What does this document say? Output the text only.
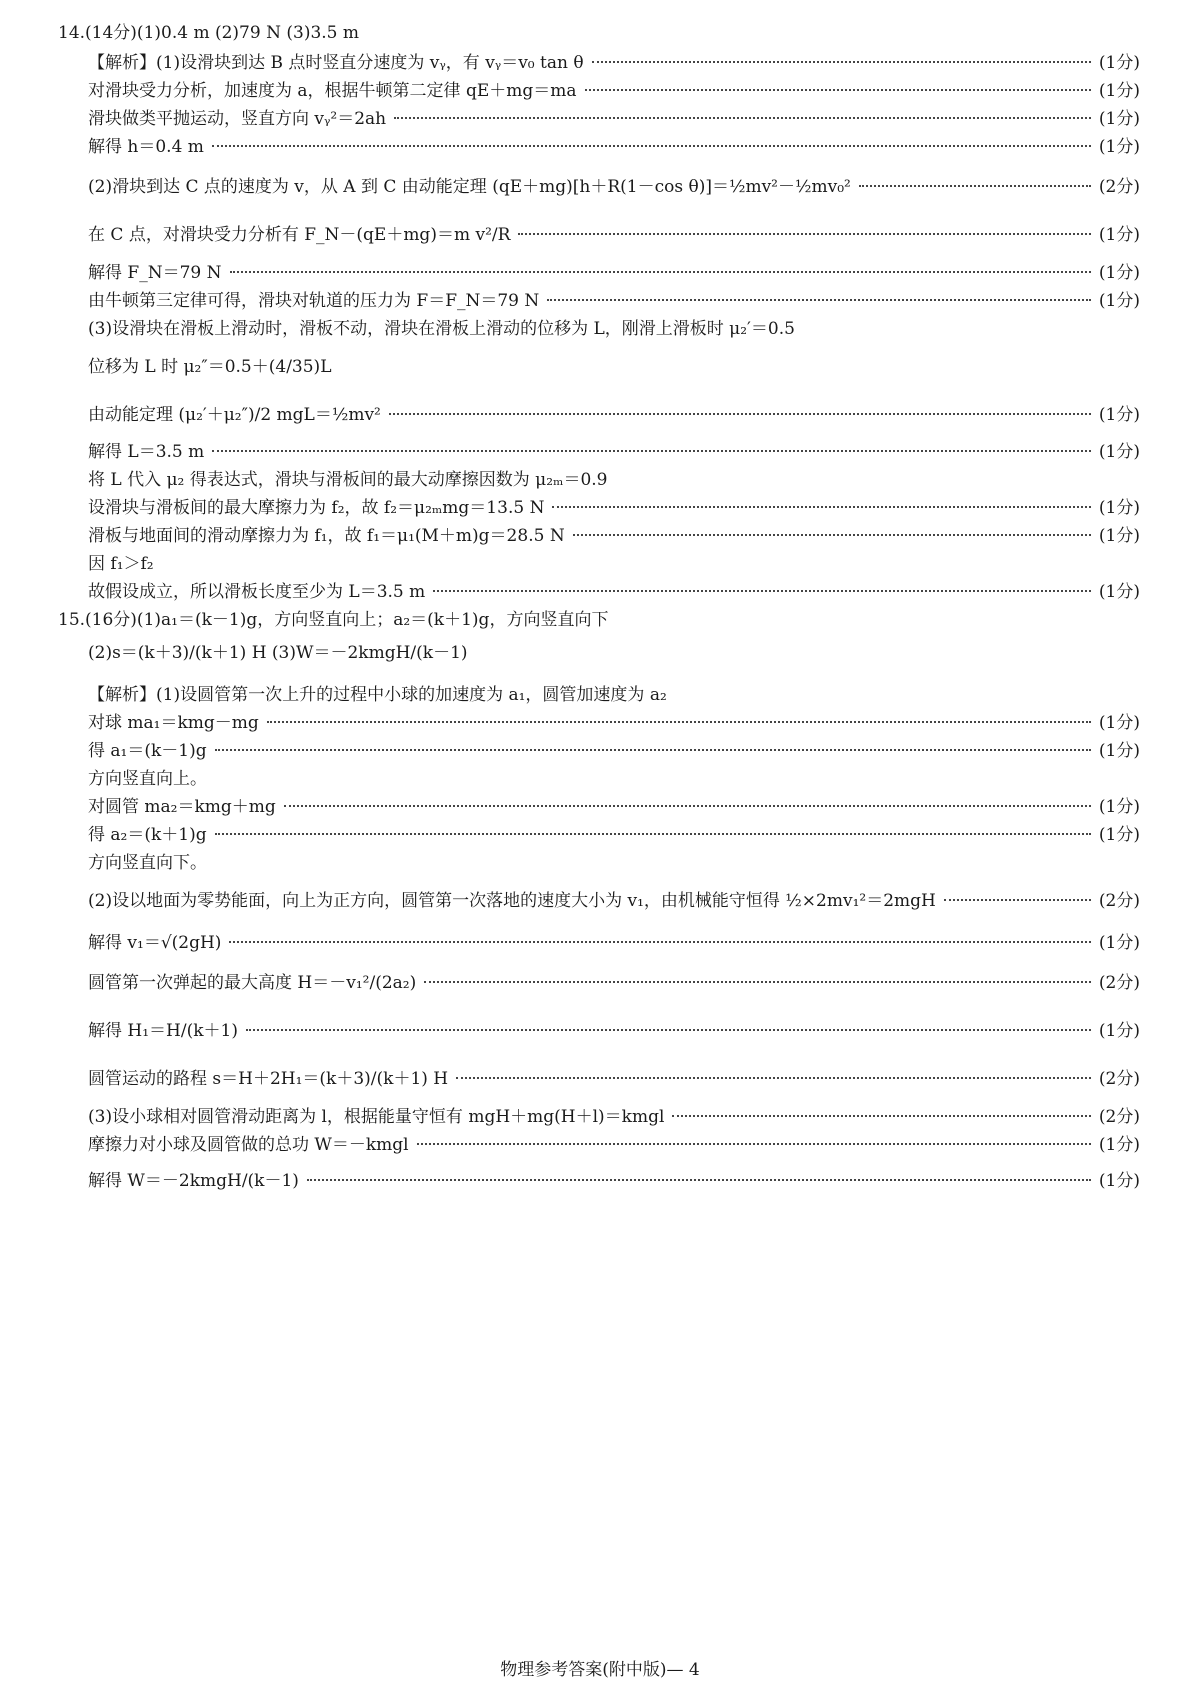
14.(14分)(1)0.4 m (2)79 N (3)3.5 m
【解析】(1)设滑块到达 B 点时竖直分速度为 vᵧ，有 vᵧ＝v₀ tan θ	(1分)
对滑块受力分析，加速度为 a，根据牛顿第二定律 qE＋mg＝ma	(1分)
滑块做类平抛运动，竖直方向 vᵧ²＝2ah	(1分)
解得 h＝0.4 m	(1分)
(2)滑块到达 C 点的速度为 v，从 A 到 C 由动能定理 (qE＋mg)[h＋R(1－cos θ)]＝½mv²－½mv₀²	(2分)
在 C 点，对滑块受力分析有 F_N－(qE＋mg)＝m v²/R	(1分)
解得 F_N＝79 N	(1分)
由牛顿第三定律可得，滑块对轨道的压力为 F＝F_N＝79 N	(1分)
(3)设滑块在滑板上滑动时，滑板不动，滑块在滑板上滑动的位移为 L，刚滑上滑板时 μ₂′＝0.5
位移为 L 时 μ₂″＝0.5＋(4/35)L
由动能定理 (μ₂′＋μ₂″)/2 mgL＝½mv²	(1分)
解得 L＝3.5 m	(1分)
将 L 代入 μ₂ 得表达式，滑块与滑板间的最大动摩擦因数为 μ₂ₘ＝0.9
设滑块与滑板间的最大摩擦力为 f₂，故 f₂＝μ₂ₘmg＝13.5 N	(1分)
滑板与地面间的滑动摩擦力为 f₁，故 f₁＝μ₁(M＋m)g＝28.5 N	(1分)
因 f₁＞f₂
故假设成立，所以滑板长度至少为 L＝3.5 m	(1分)
15.(16分)(1)a₁＝(k－1)g，方向竖直向上；a₂＝(k＋1)g，方向竖直向下
(2)s＝(k＋3)/(k＋1) H (3)W＝－2kmgH/(k－1)
【解析】(1)设圆管第一次上升的过程中小球的加速度为 a₁，圆管加速度为 a₂
对球 ma₁＝kmg－mg	(1分)
得 a₁＝(k－1)g	(1分)
方向竖直向上。
对圆管 ma₂＝kmg＋mg	(1分)
得 a₂＝(k＋1)g	(1分)
方向竖直向下。
(2)设以地面为零势能面，向上为正方向，圆管第一次落地的速度大小为 v₁，由机械能守恒得 ½×2mv₁²＝2mgH	(2分)
解得 v₁＝√(2gH)	(1分)
圆管第一次弹起的最大高度 H＝－v₁²/(2a₂)	(2分)
解得 H₁＝H/(k＋1)	(1分)
圆管运动的路程 s＝H＋2H₁＝(k＋3)/(k＋1) H	(2分)
(3)设小球相对圆管滑动距离为 l，根据能量守恒有 mgH＋mg(H＋l)＝kmgl	(2分)
摩擦力对小球及圆管做的总功 W＝－kmgl	(1分)
解得 W＝－2kmgH/(k－1)	(1分)
物理参考答案(附中版)— 4
